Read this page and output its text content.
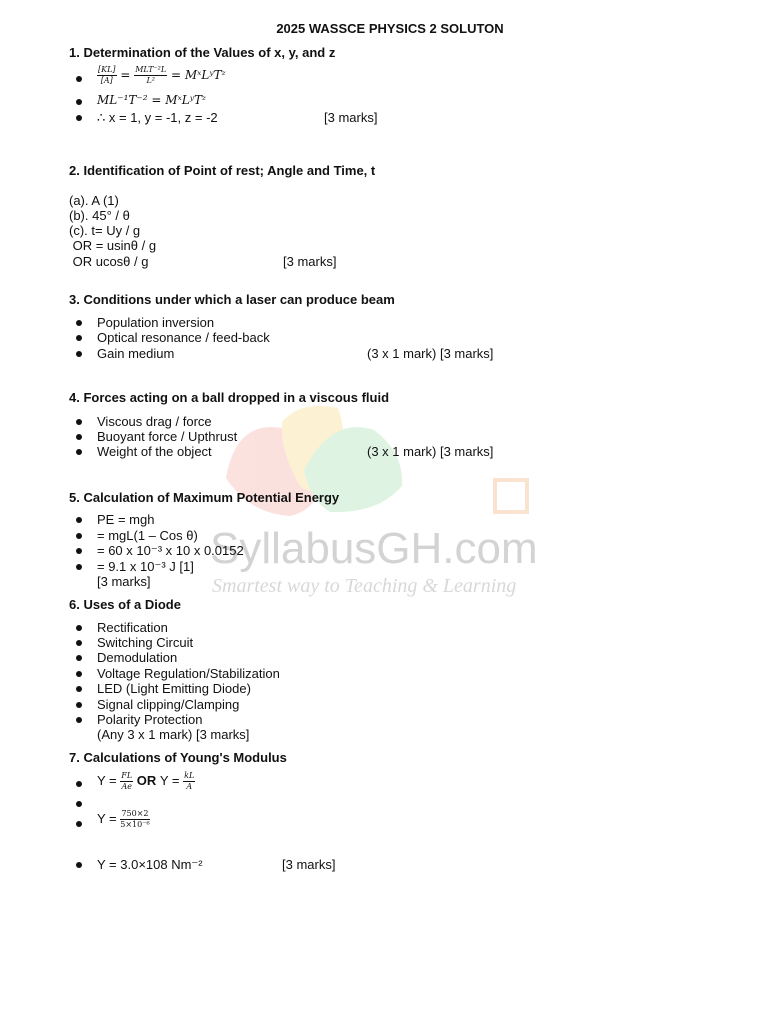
SyllabusGH.com
Smartest way to Teaching & Learning
2025 WASSCE PHYSICS 2 SOLUTON
1. Determination of the Values of x, y, and z
$\frac{[KL]}{[A]} = \frac{\text{MLT⁻²L}}{\text{L²}}$ = MˣLʸTᶻ
ML⁻¹T⁻² = MˣLʸTᶻ
∴ x = 1, y = -1, z = -2	[3 marks]
2. Identification of Point of rest; Angle and Time, t
(a). A (1)
(b). 45° / θ
(c). t= Uy / g
OR = usinθ / g
OR ucosθ / g	[3 marks]
3. Conditions under which a laser can produce beam
Population inversion
Optical resonance / feed-back
Gain medium	(3 x 1 mark) [3 marks]
4. Forces acting on a ball dropped in a viscous fluid
Viscous drag / force
Buoyant force / Upthrust
Weight of the object	(3 x 1 mark) [3 marks]
5. Calculation of Maximum Potential Energy
PE = mgh
= mgL(1 – Cos θ)
= 60 x 10⁻³ x 10 x 0.0152
= 9.1 x 10⁻³ J [1]
[3 marks]
6. Uses of a Diode
Rectification
Switching Circuit
Demodulation
Voltage Regulation/Stabilization
LED (Light Emitting Diode)
Signal clipping/Clamping
Polarity Protection
(Any 3 x 1 mark) [3 marks]
7. Calculations of Young's Modulus
$Y = \frac{FL}{Ae}$ OR $Y = \frac{kL}{A}$
$Y = \frac{750\times 2}{\text{5×10⁻⁶}}$
Y = 3.0×108 Nm⁻²	[3 marks]
